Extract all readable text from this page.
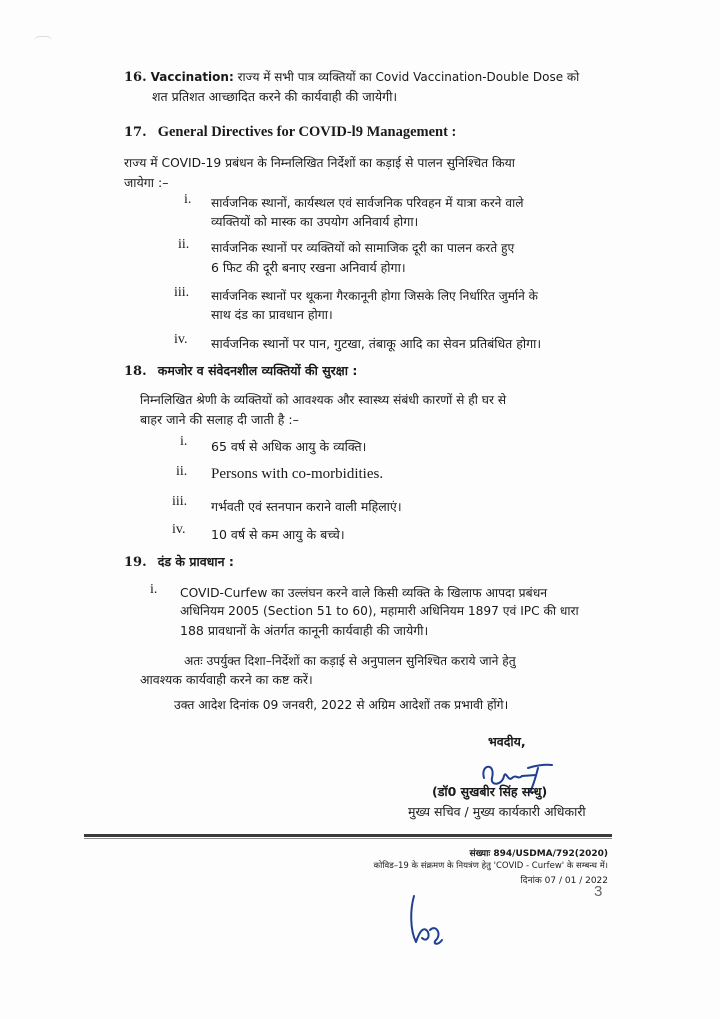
16. Vaccination: राज्य में सभी पात्र व्यक्तियों का Covid Vaccination-Double Dose को
शत प्रतिशत आच्छादित करने की कार्यवाही की जायेगी।
17. General Directives for COVID-l9 Management :
राज्य में COVID-19 प्रबंधन के निम्नलिखित निर्देशों का कड़ाई से पालन सुनिश्चित किया
जायेगा :–
i. सार्वजनिक स्थानों, कार्यस्थल एवं सार्वजनिक परिवहन में यात्रा करने वाले
व्यक्तियों को मास्क का उपयोग अनिवार्य होगा।
ii. सार्वजनिक स्थानों पर व्यक्तियों को सामाजिक दूरी का पालन करते हुए
6 फिट की दूरी बनाए रखना अनिवार्य होगा।
iii. सार्वजनिक स्थानों पर थूकना गैरकानूनी होगा जिसके लिए निर्धारित जुर्माने के
साथ दंड का प्रावधान होगा।
iv. सार्वजनिक स्थानों पर पान, गुटखा, तंबाकू आदि का सेवन प्रतिबंधित होगा।
18. कमजोर व संवेदनशील व्यक्तियों की सुरक्षा :
निम्नलिखित श्रेणी के व्यक्तियों को आवश्यक और स्वास्थ्य संबंधी कारणों से ही घर से
बाहर जाने की सलाह दी जाती है :–
i. 65 वर्ष से अधिक आयु के व्यक्ति।
ii. Persons with co-morbidities.
iii. गर्भवती एवं स्तनपान कराने वाली महिलाएं।
iv. 10 वर्ष से कम आयु के बच्चे।
19. दंड के प्रावधान :
i. COVID-Curfew का उल्लंघन करने वाले किसी व्यक्ति के खिलाफ आपदा प्रबंधन
अधिनियम 2005 (Section 51 to 60), महामारी अधिनियम 1897 एवं IPC की धारा
188 प्रावधानों के अंतर्गत कानूनी कार्यवाही की जायेगी।
अतः उपर्युक्त दिशा–निर्देशों का कड़ाई से अनुपालन सुनिश्चित कराये जाने हेतु
आवश्यक कार्यवाही करने का कष्ट करें।
उक्त आदेश दिनांक 09 जनवरी, 2022 से अग्रिम आदेशों तक प्रभावी होंगे।
भवदीय,
(डॉ0 सुखबीर सिंह सन्धु)
मुख्य सचिव / मुख्य कार्यकारी अधिकारी
संख्याः 894/USDMA/792(2020)
कोविड–19 के संक्रमण के नियत्रंण हेतु 'COVID - Curfew' के सम्बन्ध में।
दिनांक 07 / 01 / 2022
3
